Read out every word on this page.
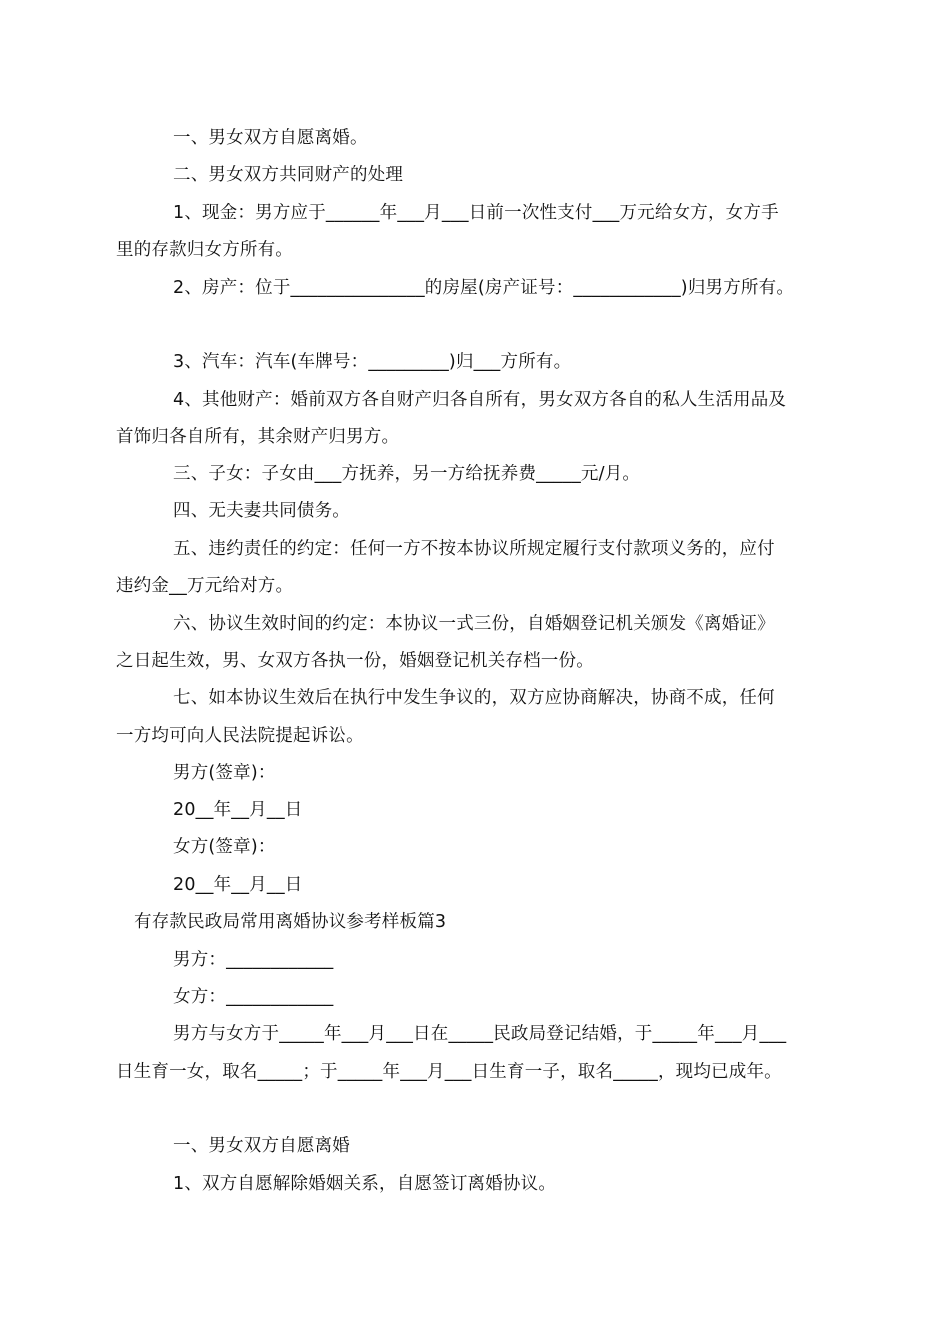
一、男女双方自愿离婚。

二、男女双方共同财产的处理

1、现金：男方应于______年___月___日前一次性支付___万元给女方，女方手

里的存款归女方所有。

2、房产：位于_______________的房屋(房产证号：____________)归男方所有。

3、汽车：汽车(车牌号：_________)归___方所有。

4、其他财产：婚前双方各自财产归各自所有，男女双方各自的私人生活用品及

首饰归各自所有，其余财产归男方。

三、子女：子女由___方抚养，另一方给抚养费_____元/月。

四、无夫妻共同债务。

五、违约责任的约定：任何一方不按本协议所规定履行支付款项义务的，应付

违约金__万元给对方。

六、协议生效时间的约定：本协议一式三份，自婚姻登记机关颁发《离婚证》

之日起生效，男、女双方各执一份，婚姻登记机关存档一份。

七、如本协议生效后在执行中发生争议的，双方应协商解决，协商不成，任何

一方均可向人民法院提起诉讼。

男方(签章)：

20__年__月__日

女方(签章)：

20__年__月__日

有存款民政局常用离婚协议参考样板篇3

男方：____________

女方：____________

男方与女方于_____年___月___日在_____民政局登记结婚，于_____年___月___

日生育一女，取名_____；于_____年___月___日生育一子，取名_____，现均已成年。

一、男女双方自愿离婚

1、双方自愿解除婚姻关系，自愿签订离婚协议。
